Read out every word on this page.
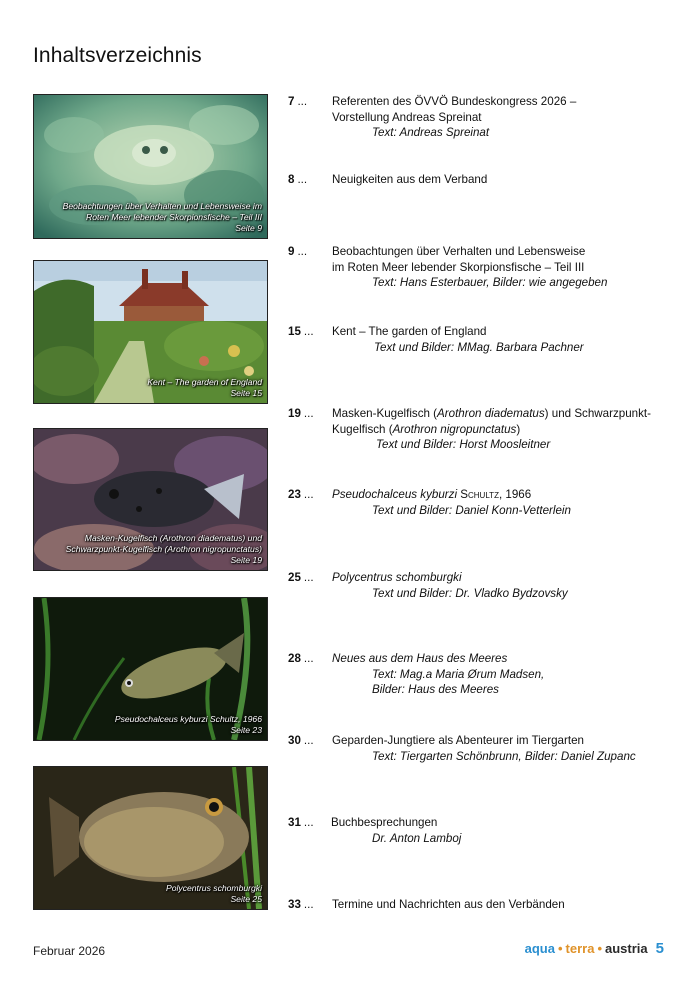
Inhaltsverzeichnis
Beobachtungen über Verhalten und Lebensweise im
Roten Meer lebender Skorpionsfische – Teil III
Seite 9
Kent – The garden of England
Seite 15
Masken-Kugelfisch (Arothron diadematus) und
Schwarzpunkt-Kugelfisch (Arothron nigropunctatus)
Seite 19
Pseudochalceus kyburzi Schultz, 1966
Seite 23
Polycentrus schomburgki
Seite 25
7 ... Referenten des ÖVVÖ Bundeskongress 2026 –
Vorstellung Andreas Spreinat
Text: Andreas Spreinat
8 ... Neuigkeiten aus dem Verband
9 ... Beobachtungen über Verhalten und Lebensweise
im Roten Meer lebender Skorpionsfische – Teil III
Text: Hans Esterbauer, Bilder: wie angegeben
15 ... Kent – The garden of England
Text und Bilder: MMag. Barbara Pachner
19 ... Masken-Kugelfisch (Arothron diadematus) und Schwarzpunkt-
Kugelfisch (Arothron nigropunctatus)
Text und Bilder: Horst Moosleitner
23 ... Pseudochalceus kyburzi Schultz, 1966
Text und Bilder: Daniel Konn-Vetterlein
25 ... Polycentrus schomburgki
Text und Bilder: Dr. Vladko Bydzovsky
28 ... Neues aus dem Haus des Meeres
Text: Mag.a Maria Ørum Madsen,
Bilder: Haus des Meeres
30 ... Geparden-Jungtiere als Abenteurer im Tiergarten
Text: Tiergarten Schönbrunn, Bilder: Daniel Zupanc
31 ... Buchbesprechungen
Dr. Anton Lamboj
33 ... Termine und Nachrichten aus den Verbänden
Februar 2026	aqua • terra • austria 5
